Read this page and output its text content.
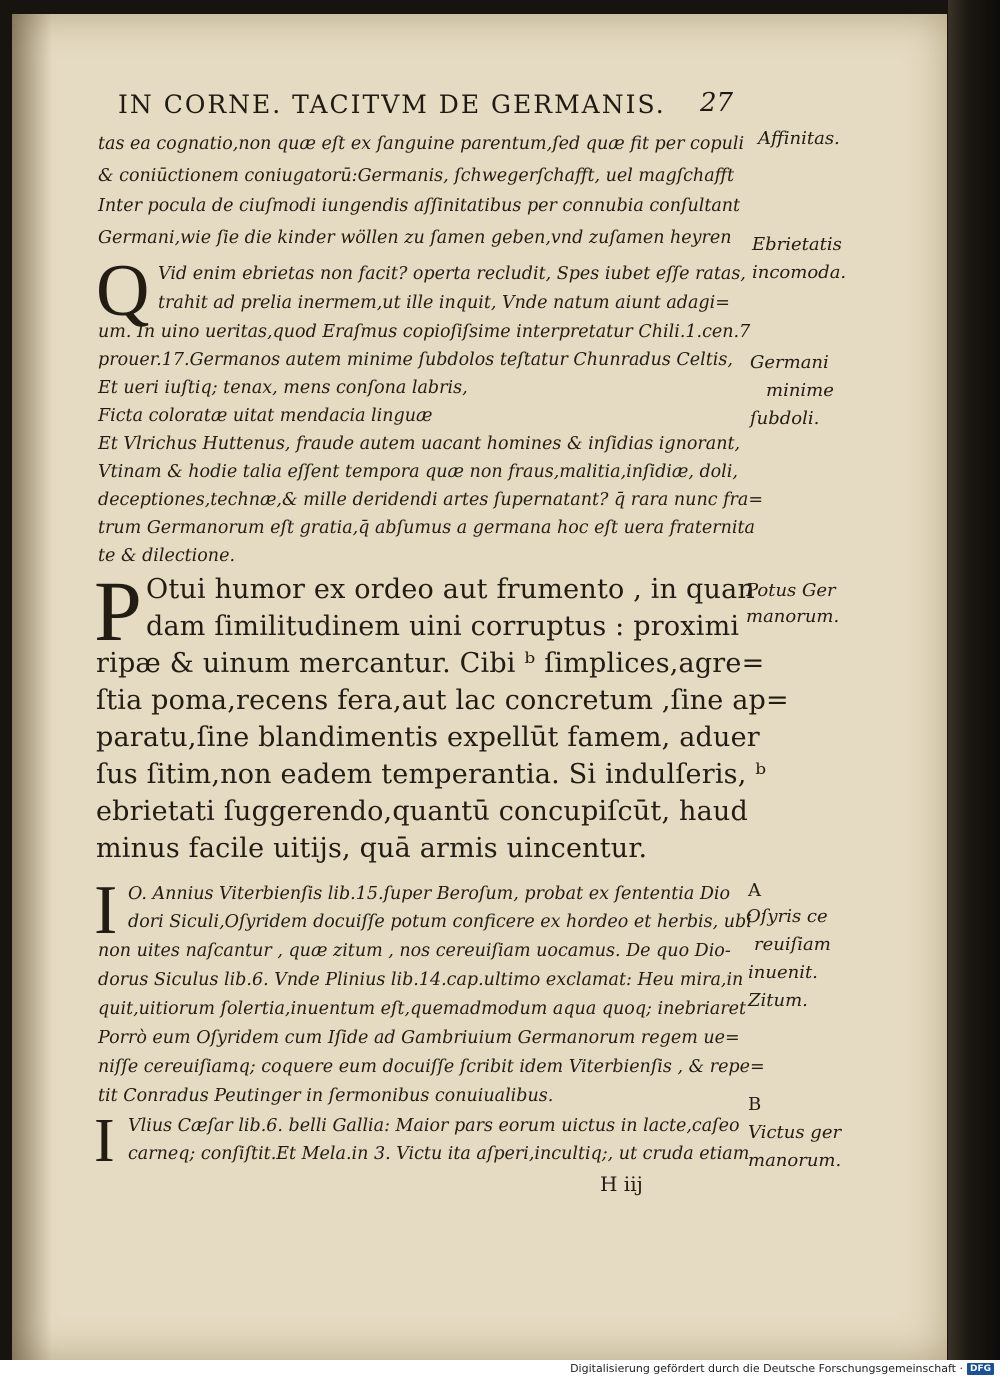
IN CORNE. TACITVM DE GERMANIS. 27
tas ea cognatio,non quæ eſt ex ſanguine parentum,ſed quæ fit per copuli
& coniūctionem coniugatorū:Germanis, ſchwegerſchafft, uel magſchafft
Inter pocula de ciuſmodi iungendis aſſinitatibus per connubia conſultant
Germani,wie ſie die kinder wöllen zu ſamen geben,vnd zuſamen heyren
Q Vid enim ebrietas non facit? operta recludit, Spes iubet eſſe ratas,
trahit ad prelia inermem,ut ille inquit, Vnde natum aiunt adagi=
um. In uino ueritas,quod Eraſmus copioſiſsime interpretatur Chili.1.cen.7
prouer.17.Germanos autem minime ſubdolos teſtatur Chunradus Celtis,
Et ueri iuſtiq; tenax, mens conſona labris,
Ficta coloratæ uitat mendacia linguæ
Et Vlrichus Huttenus, fraude autem uacant homines & inſidias ignorant,
Vtinam & hodie talia eſſent tempora quæ non fraus,malitia,inſidiæ, doli,
deceptiones,technæ,& mille deridendi artes ſupernatant? q̄ rara nunc fra=
trum Germanorum eſt gratia,q̄ abſumus a germana hoc eſt uera fraternita
te & dilectione.
P Otui humor ex ordeo aut frumento , in quan
dam ſimilitudinem uini corruptus : proximi
ripæ & uinum mercantur. Cibi ᵇ ſimplices,agre=
ſtia poma,recens fera,aut lac concretum ,ſine ap=
paratu,ſine blandimentis expellūt famem, aduer
ſus ſitim,non eadem temperantia. Si indulſeris, ᵇ
ebrietati ſuggerendo,quantū concupiſcūt, haud
minus facile uitijs, quā armis uincentur.
I O. Annius Viterbienſis lib.15.ſuper Beroſum, probat ex ſententia Dio
dori Siculi,Oſyridem docuiſſe potum conficere ex hordeo et herbis, ubi
non uites naſcantur , quæ zitum , nos cereuiſiam uocamus. De quo Dio-
dorus Siculus lib.6. Vnde Plinius lib.14.cap.ultimo exclamat: Heu mira,in
quit,uitiorum ſolertia,inuentum eſt,quemadmodum aqua quoq; inebriaret
Porrò eum Oſyridem cum Iſide ad Gambriuium Germanorum regem ue=
niſſe cereuiſiamq; coquere eum docuiſſe ſcribit idem Viterbienſis , & repe=
tit Conradus Peutinger in ſermonibus conuiualibus.
I Vlius Cæſar lib.6. belli Gallia: Maior pars eorum uictus in lacte,caſeo
carneq; conſiſtit.Et Mela.in 3. Victu ita aſperi,incultiq;, ut cruda etiam
H iij
Affinitas.
Ebrietatis
incomoda.
Germani
minime
ſubdoli.
Potus Ger
manorum.
A
Oſyris ce
reuiſiam
inuenit.
Zitum.
B
Victus ger
manorum.
Digitalisierung gefördert durch die Deutsche Forschungsgemeinschaft · DFG
